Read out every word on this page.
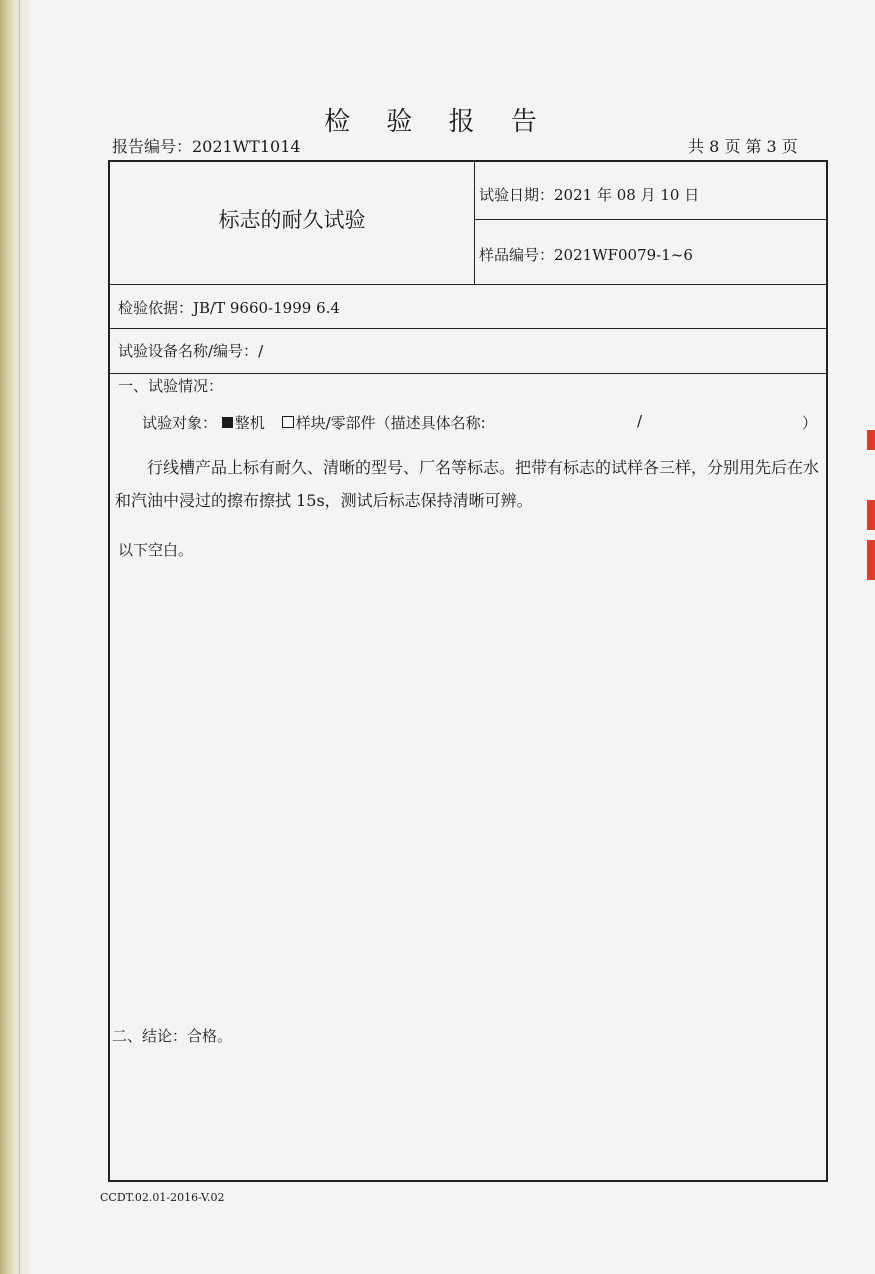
检 验 报 告
报告编号：2021WT1014	共 8 页 第 3 页
标志的耐久试验
试验日期：2021 年 08 月 10 日
样品编号：2021WF0079-1~6
检验依据：JB/T 9660-1999 6.4
试验设备名称/编号：/
一、试验情况：
试验对象： 整机 样块/零部件（描述具体名称:	/	）
行线槽产品上标有耐久、清晰的型号、厂名等标志。把带有标志的试样各三样，分别用先后在水和汽油中浸过的擦布擦拭 15s，测试后标志保持清晰可辨。
以下空白。
二、结论：合格。
CCDT.02.01-2016-V.02
